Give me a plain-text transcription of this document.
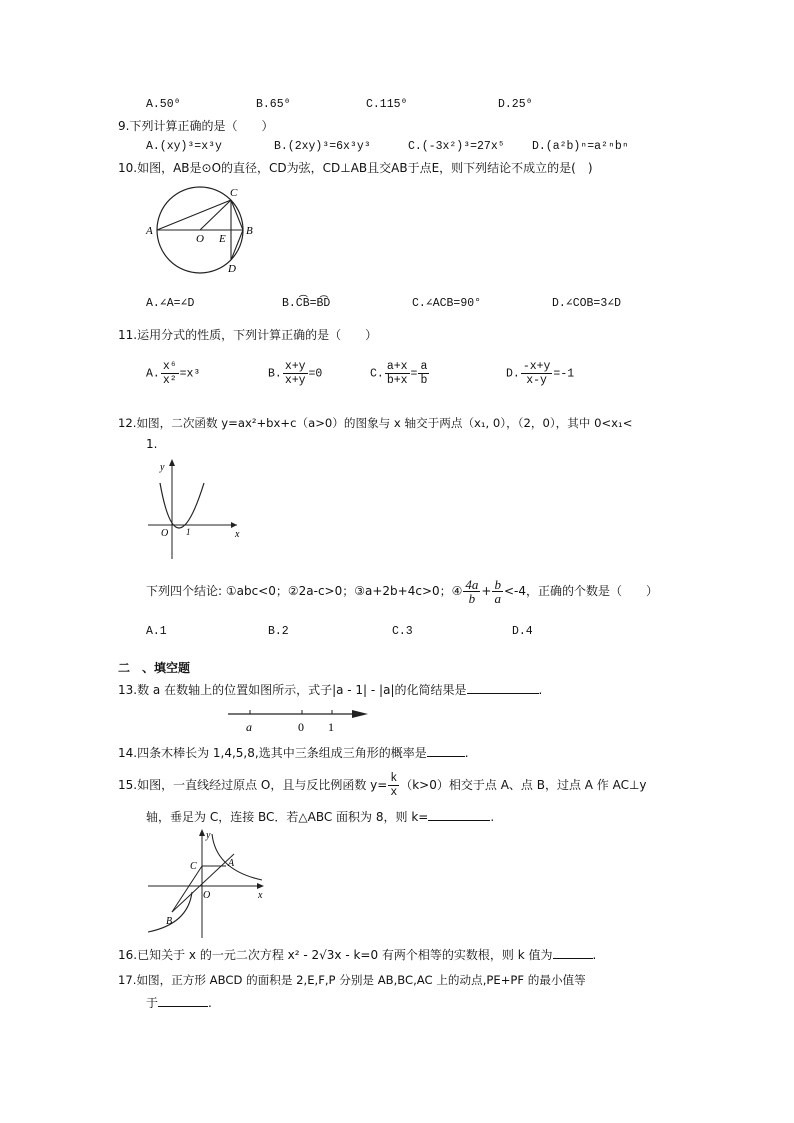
A.50⁰	B.65⁰	C.115⁰	D.25⁰
9.下列计算正确的是（　　）
A.(xy)³=x³y	B.(2xy)³=6x³y³	C.(-3x²)³=27x⁵ D.(a²b)ⁿ=a²ⁿbⁿ
10.如图，AB是⊙O的直径，CD为弦，CD⊥AB且交AB于点E，则下列结论不成立的是(　)
A	B
C
D
O E
A.∠A=∠D	B.C͡B=B͡D	C.∠ACB=90°	D.∠COB=3∠D
11.运用分式的性质，下列计算正确的是（　　）
A. $\frac{\text{x⁶}}{\text{x²}} =x^3$	B. $\frac{x+y}{x+y} =0$	C. $\frac{a+x}{b+x} = \frac{a}{b}$	D. $\frac{-x+y}{x-y} =-1$
12.如图，二次函数 y=ax²+bx+c（a>0）的图象与 x 轴交于两点（x₁, 0），（2，0），其中 0<x₁<
1.
x
y
O 1
下列四个结论: ①abc<0；②2a-c>0；③a+2b+4c>0；④ $\frac{4a}{b} + \frac{b}{a} <-4$，正确的个数是（　　）
A.1	B.2	C.3	D.4
二　、填空题
13.数 a 在数轴上的位置如图所示，式子|a - 1| - |a|的化简结果是	.
a	0 1
14.四条木棒长为 1,4,5,8,选其中三条组成三角形的概率是	.
15.如图，一直线经过原点 O，且与反比例函数 $y= \frac{k}{x} (k>0)$相交于点 A、点 B，过点 A 作 AC⊥y
轴，垂足为 C，连接 BC．若△ABC 面积为 8，则 k=	.
y
x
O
A
B
C
16.已知关于 x 的一元二次方程 x² - 2√3x - k=0 有两个相等的实数根，则 k 值为	.
17.如图，正方形 ABCD 的面积是 2,E,F,P 分别是 AB,BC,AC 上的动点,PE+PF 的最小值等
于	.
